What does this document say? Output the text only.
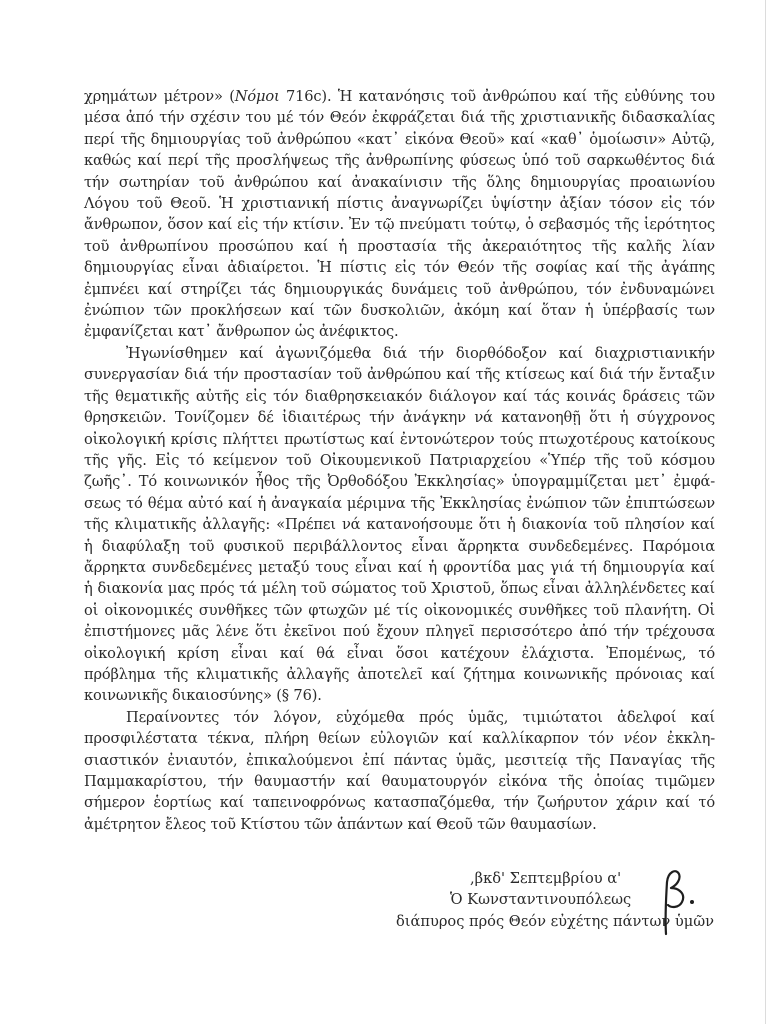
χρημάτων μέτρον» (Νόμοι 716c). Ἡ κατανόησις τοῦ ἀνθρώπου καί τῆς εὐθύνης του
μέσα ἀπό τήν σχέσιν του μέ τόν Θεόν ἐκφράζεται διά τῆς χριστιανικῆς διδασκαλίας
περί τῆς δημιουργίας τοῦ ἀνθρώπου «κατ᾽ εἰκόνα Θεοῦ» καί «καθ᾽ ὁμοίωσιν» Αὐτῷ,
καθώς καί περί τῆς προσλήψεως τῆς ἀνθρωπίνης φύσεως ὑπό τοῦ σαρκωθέντος διά
τήν σωτηρίαν τοῦ ἀνθρώπου καί ἀνακαίνισιν τῆς ὅλης δημιουργίας προαιωνίου
Λόγου τοῦ Θεοῦ. Ἡ χριστιανική πίστις ἀναγνωρίζει ὑψίστην ἀξίαν τόσον εἰς τόν
ἄνθρωπον, ὅσον καί εἰς τήν κτίσιν. Ἐν τῷ πνεύματι τούτῳ, ὁ σεβασμός τῆς ἱερότητος
τοῦ ἀνθρωπίνου προσώπου καί ἡ προστασία τῆς ἀκεραιότητος τῆς καλῆς λίαν
δημιουργίας εἶναι ἀδιαίρετοι. Ἡ πίστις εἰς τόν Θεόν τῆς σοφίας καί τῆς ἀγάπης
ἐμπνέει καί στηρίζει τάς δημιουργικάς δυνάμεις τοῦ ἀνθρώπου, τόν ἐνδυναμώνει
ἐνώπιον τῶν προκλήσεων καί τῶν δυσκολιῶν, ἀκόμη καί ὅταν ἡ ὑπέρβασίς των
ἐμφανίζεται κατ᾽ ἄνθρωπον ὡς ἀνέφικτος.
Ἠγωνίσθημεν καί ἀγωνιζόμεθα διά τήν διορθόδοξον καί διαχριστιανικήν
συνεργασίαν διά τήν προστασίαν τοῦ ἀνθρώπου καί τῆς κτίσεως καί διά τήν ἔνταξιν
τῆς θεματικῆς αὐτῆς εἰς τόν διαθρησκειακόν διάλογον καί τάς κοινάς δράσεις τῶν
θρησκειῶν. Τονίζομεν δέ ἰδιαιτέρως τήν ἀνάγκην νά κατανοηθῇ ὅτι ἡ σύγχρονος
οἰκολογική κρίσις πλήττει πρωτίστως καί ἐντονώτερον τούς πτωχοτέρους κατοίκους
τῆς γῆς. Εἰς τό κείμενον τοῦ Οἰκουμενικοῦ Πατριαρχείου «Ὑπέρ τῆς τοῦ κόσμου
ζωῆς᾽. Τό κοινωνικόν ἦθος τῆς Ὀρθοδόξου Ἐκκλησίας» ὑπογραμμίζεται μετ᾽ ἐμφά-
σεως τό θέμα αὐτό καί ἡ ἀναγκαία μέριμνα τῆς Ἐκκλησίας ἐνώπιον τῶν ἐπιπτώσεων
τῆς κλιματικῆς ἀλλαγῆς: «Πρέπει νά κατανοήσουμε ὅτι ἡ διακονία τοῦ πλησίον καί
ἡ διαφύλαξη τοῦ φυσικοῦ περιβάλλοντος εἶναι ἄρρηκτα συνδεδεμένες. Παρόμοια
ἄρρηκτα συνδεδεμένες μεταξύ τους εἶναι καί ἡ φροντίδα μας γιά τή δημιουργία καί
ἡ διακονία μας πρός τά μέλη τοῦ σώματος τοῦ Χριστοῦ, ὅπως εἶναι ἀλληλένδετες καί
οἱ οἰκονομικές συνθῆκες τῶν φτωχῶν μέ τίς οἰκονομικές συνθῆκες τοῦ πλανήτη. Οἱ
ἐπιστήμονες μᾶς λένε ὅτι ἐκεῖνοι πού ἔχουν πληγεῖ περισσότερο ἀπό τήν τρέχουσα
οἰκολογική κρίση εἶναι καί θά εἶναι ὅσοι κατέχουν ἐλάχιστα. Ἐπομένως, τό
πρόβλημα τῆς κλιματικῆς ἀλλαγῆς ἀποτελεῖ καί ζήτημα κοινωνικῆς πρόνοιας καί
κοινωνικῆς δικαιοσύνης» (§ 76).
Περαίνοντες τόν λόγον, εὐχόμεθα πρός ὑμᾶς, τιμιώτατοι ἀδελφοί καί
προσφιλέστατα τέκνα, πλήρη θείων εὐλογιῶν καί καλλίκαρπον τόν νέον ἐκκλη-
σιαστικόν ἐνιαυτόν, ἐπικαλούμενοι ἐπί πάντας ὑμᾶς, μεσιτείᾳ τῆς Παναγίας τῆς
Παμμακαρίστου, τήν θαυμαστήν καί θαυματουργόν εἰκόνα τῆς ὁποίας τιμῶμεν
σήμερον ἑορτίως καί ταπεινοφρόνως κατασπαζόμεθα, τήν ζωήρυτον χάριν καί τό
ἀμέτρητον ἔλεος τοῦ Κτίστου τῶν ἁπάντων καί Θεοῦ τῶν θαυμασίων.
,βκδ' Σεπτεμβρίου α'
Ὁ Κωνσταντινουπόλεως
διάπυρος πρός Θεόν εὐχέτης πάντων ὑμῶν
